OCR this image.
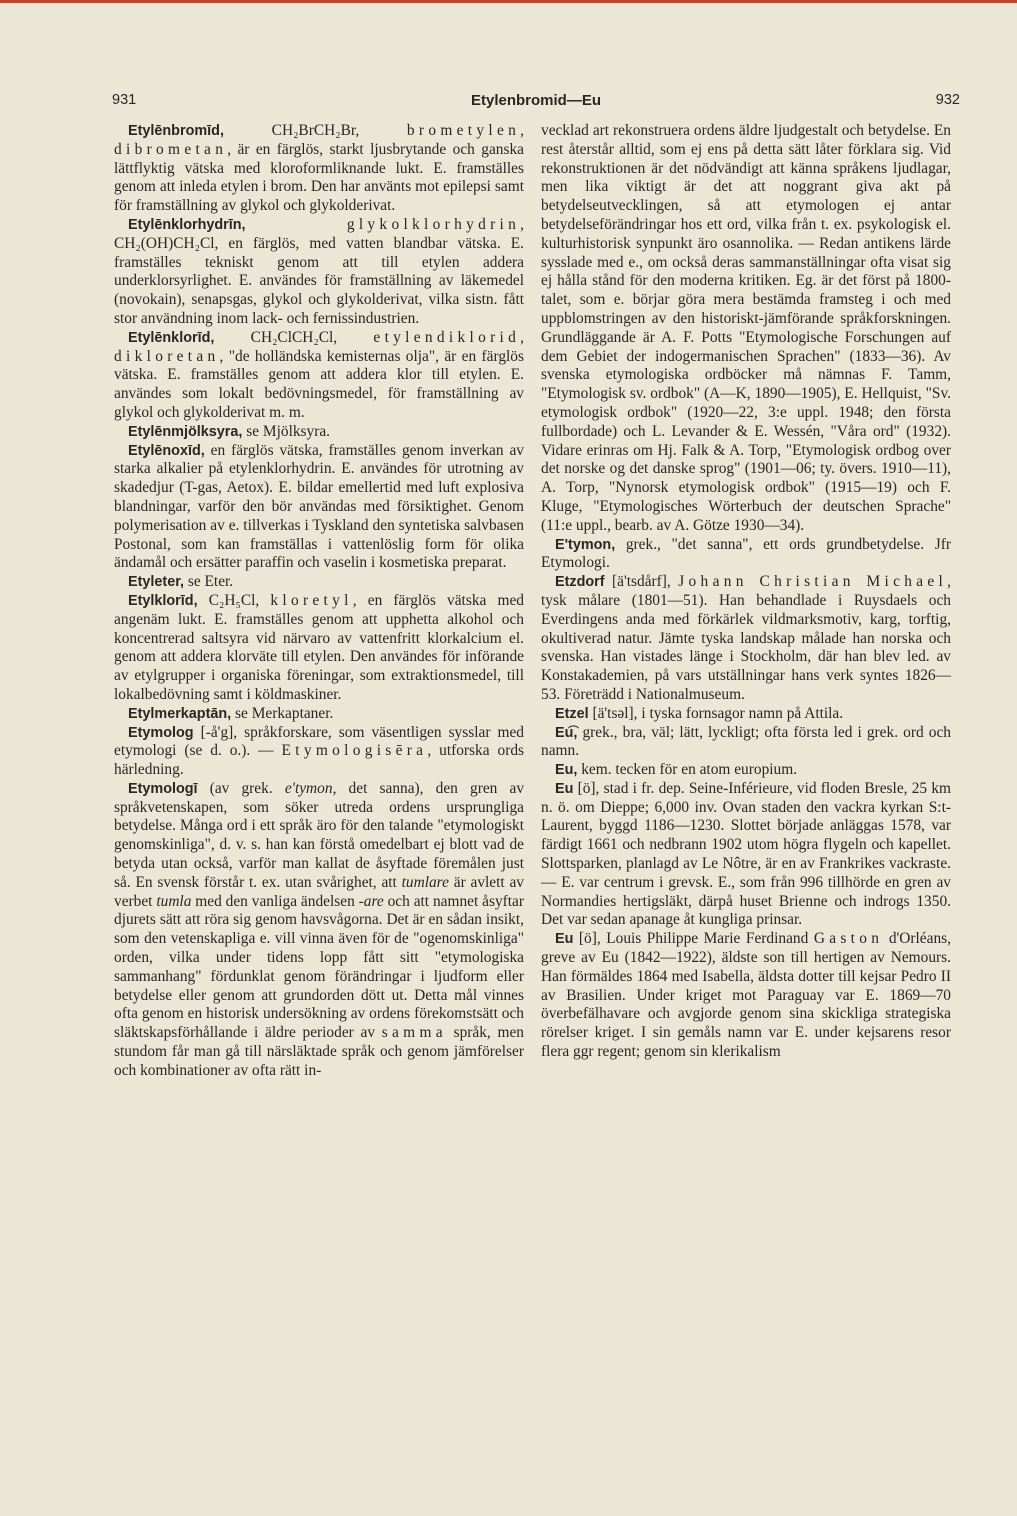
931	Etylenbromid—Eu	932

Etylēnbromīd, CH₂BrCH₂Br, brometylen, dibrometan, är en färglös, starkt ljusbrytande och ganska lättflyktig vätska med kloroformliknande lukt. E. framställes genom att inleda etylen i brom. Den har använts mot epilepsi samt för framställning av glykol och glykolderivat.

Etylēnklorhydrīn,	glykolklorhydrin, CH₂(OH)CH₂Cl, en färglös, med vatten blandbar vätska. E. framställes tekniskt genom att till etylen addera underklorsyrlighet. E. användes för framställning av läkemedel (novokain), senapsgas, glykol och glykolderivat, vilka sistn. fått stor användning inom lack- och fernissindustrien.

Etylēnklorīd, CH₂ClCH₂Cl, etylendiklorid, dikloretan, "de holländska kemisternas olja", är en färglös vätska. E. framställes genom att addera klor till etylen. E. användes som lokalt bedövningsmedel, för framställning av glykol och glykolderivat m. m.

Etylēnmjölksyra, se Mjölksyra.

Etylēnoxīd, en färglös vätska, framställes genom inverkan av starka alkalier på etylenklorhydrin. E. användes för utrotning av skadedjur (T-gas, Aetox). E. bildar emellertid med luft explosiva blandningar, varför den bör användas med försiktighet. Genom polymerisation av e. tillverkas i Tyskland den syntetiska salvbasen Postonal, som kan framställas i vattenlöslig form för olika ändamål och ersätter paraffin och vaselin i kosmetiska preparat.

Etyleter, se Eter.

Etylklorīd, C₂H₅Cl, kloretyl, en färglös vätska med angenäm lukt. E. framställes genom att upphetta alkohol och koncentrerad saltsyra vid närvaro av vattenfritt klorkalcium el. genom att addera klorväte till etylen. Den användes för införande av etylgrupper i organiska föreningar, som extraktionsmedel, till lokalbedövning samt i köldmaskiner.

Etylmerkaptān, se Merkaptaner.

Etymolog [-å'g], språkforskare, som väsentligen sysslar med etymologi (se d. o.). — Etymologisēra, utforska ords härledning.

Etymologī (av grek. e'tymon, det sanna), den gren av språkvetenskapen, som söker utreda ordens ursprungliga betydelse. Många ord i ett språk äro för den talande "etymologiskt genomskinliga", d. v. s. han kan förstå omedelbart ej blott vad de betyda utan också, varför man kallat de åsyftade föremålen just så. En svensk förstår t. ex. utan svårighet, att tumlare är avlett av verbet tumla med den vanliga ändelsen -are och att namnet åsyftar djurets sätt att röra sig genom havsvågorna. Det är en sådan insikt, som den vetenskapliga e. vill vinna även för de "ogenomskinliga" orden, vilka under tidens lopp fått sitt "etymologiska sammanhang" fördunklat genom förändringar i ljudform eller betydelse eller genom att grundorden dött ut. Detta mål vinnes ofta genom en historisk undersökning av ordens förekomstsätt och släktskapsförhållande i äldre perioder av samma språk, men stundom får man gå till närsläktade språk och genom jämförelser och kombinationer av ofta rätt in-

vecklad art rekonstruera ordens äldre ljudgestalt och betydelse. En rest återstår alltid, som ej ens på detta sätt låter förklara sig. Vid rekonstruktionen är det nödvändigt att känna språkens ljudlagar, men lika viktigt är det att noggrant giva akt på betydelseutvecklingen, så att etymologen ej antar betydelseförändringar hos ett ord, vilka från t. ex. psykologisk el. kulturhistorisk synpunkt äro osannolika. — Redan antikens lärde sysslade med e., om också deras sammanställningar ofta visat sig ej hålla stånd för den moderna kritiken. Eg. är det först på 1800-talet, som e. börjar göra mera bestämda framsteg i och med uppblomstringen av den historiskt-jämförande språkforskningen. Grundläggande är A. F. Potts "Etymologische Forschungen auf dem Gebiet der indogermanischen Sprachen" (1833—36). Av svenska etymologiska ordböcker må nämnas F. Tamm, "Etymologisk sv. ordbok" (A—K, 1890—1905), E. Hellquist, "Sv. etymologisk ordbok" (1920—22, 3:e uppl. 1948; den första fullbordade) och L. Levander & E. Wessén, "Våra ord" (1932). Vidare erinras om Hj. Falk & A. Torp, "Etymologisk ordbog over det norske og det danske sprog" (1901—06; ty. övers. 1910—11), A. Torp, "Nynorsk etymologisk ordbok" (1915—19) och F. Kluge, "Etymologisches Wörterbuch der deutschen Sprache" (11:e uppl., bearb. av A. Götze 1930—34).

E'tymon, grek., "det sanna", ett ords grundbetydelse. Jfr Etymologi.

Etzdorf [ä'tsdårf], Johann Christian Michael, tysk målare (1801—51). Han behandlade i Ruysdaels och Everdingens anda med förkärlek vildmarksmotiv, karg, torftig, okultiverad natur. Jämte tyska landskap målade han norska och svenska. Han vistades länge i Stockholm, där han blev led. av Konstakademien, på vars utställningar hans verk syntes 1826—53. Företrädd i Nationalmuseum.

Etzel [ä'tsəl], i tyska fornsagor namn på Attila.

Eu͡, grek., bra, väl; lätt, lyckligt; ofta första led i grek. ord och namn.

Eu, kem. tecken för en atom europium.

Eu [ö], stad i fr. dep. Seine-Inférieure, vid floden Bresle, 25 km n. ö. om Dieppe; 6,000 inv. Ovan staden den vackra kyrkan S:t-Laurent, byggd 1186—1230. Slottet började anläggas 1578, var färdigt 1661 och nedbrann 1902 utom högra flygeln och kapellet. Slottsparken, planlagd av Le Nôtre, är en av Frankrikes vackraste. — E. var centrum i grevsk. E., som från 996 tillhörde en gren av Normandies hertigsläkt, därpå huset Brienne och indrogs 1350. Det var sedan apanage åt kungliga prinsar.

Eu [ö], Louis Philippe Marie Ferdinand Gaston d'Orléans, greve av Eu (1842—1922), äldste son till hertigen av Nemours. Han förmäldes 1864 med Isabella, äldsta dotter till kejsar Pedro II av Brasilien. Under kriget mot Paraguay var E. 1869—70 överbefälhavare och avgjorde genom sina skickliga strategiska rörelser kriget. I sin gemåls namn var E. under kejsarens resor flera ggr regent; genom sin klerikalism
